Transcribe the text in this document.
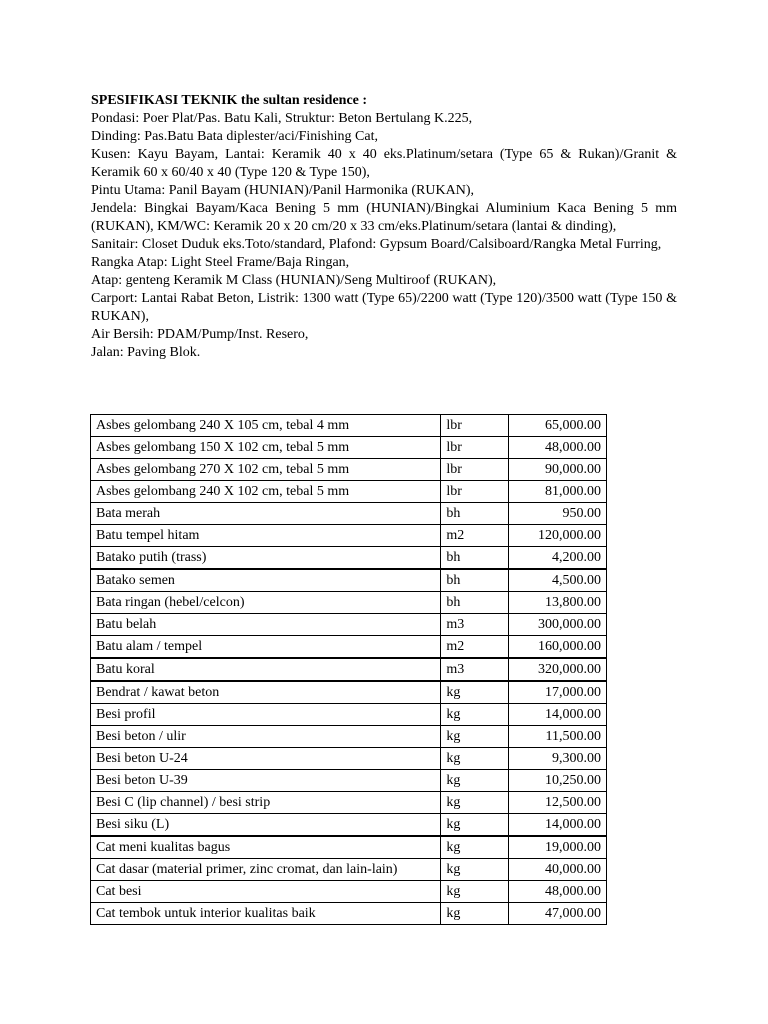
SPESIFIKASI TEKNIK the sultan residence :

Pondasi: Poer Plat/Pas. Batu Kali, Struktur: Beton Bertulang K.225,

Dinding: Pas.Batu Bata diplester/aci/Finishing Cat,

Kusen: Kayu Bayam, Lantai: Keramik 40 x 40 eks.Platinum/setara (Type 65 & Rukan)/Granit & Keramik 60 x 60/40 x 40 (Type 120 & Type 150),

Pintu Utama: Panil Bayam (HUNIAN)/Panil Harmonika (RUKAN),

Jendela: Bingkai Bayam/Kaca Bening 5 mm (HUNIAN)/Bingkai Aluminium Kaca Bening 5 mm (RUKAN), KM/WC: Keramik 20 x 20 cm/20 x 33 cm/eks.Platinum/setara (lantai & dinding),

Sanitair: Closet Duduk eks.Toto/standard, Plafond: Gypsum Board/Calsiboard/Rangka Metal Furring,

Rangka Atap: Light Steel Frame/Baja Ringan,

Atap: genteng Keramik M Class (HUNIAN)/Seng Multiroof (RUKAN),

Carport: Lantai Rabat Beton, Listrik: 1300 watt (Type 65)/2200 watt (Type 120)/3500 watt (Type 150 & RUKAN),

Air Bersih: PDAM/Pump/Inst. Resero,

Jalan: Paving Blok.

Asbes gelombang 240 X 105 cm, tebal 4 mm	lbr	65,000.00
Asbes gelombang 150 X 102 cm, tebal 5 mm	lbr	48,000.00
Asbes gelombang 270 X 102 cm, tebal 5 mm	lbr	90,000.00
Asbes gelombang 240 X 102 cm, tebal 5 mm	lbr	81,000.00
Bata merah	bh	950.00
Batu tempel hitam	m2	120,000.00
Batako putih (trass)	bh	4,200.00
Batako semen	bh	4,500.00
Bata ringan (hebel/celcon)	bh	13,800.00
Batu belah	m3	300,000.00
Batu alam / tempel	m2	160,000.00
Batu koral	m3	320,000.00
Bendrat / kawat beton	kg	17,000.00
Besi profil	kg	14,000.00
Besi beton / ulir	kg	11,500.00
Besi beton U-24	kg	9,300.00
Besi beton U-39	kg	10,250.00
Besi C (lip channel) / besi strip	kg	12,500.00
Besi siku (L)	kg	14,000.00
Cat meni kualitas bagus	kg	19,000.00
Cat dasar (material primer, zinc cromat, dan lain-lain)	kg	40,000.00
Cat besi	kg	48,000.00
Cat tembok untuk interior kualitas baik	kg	47,000.00
